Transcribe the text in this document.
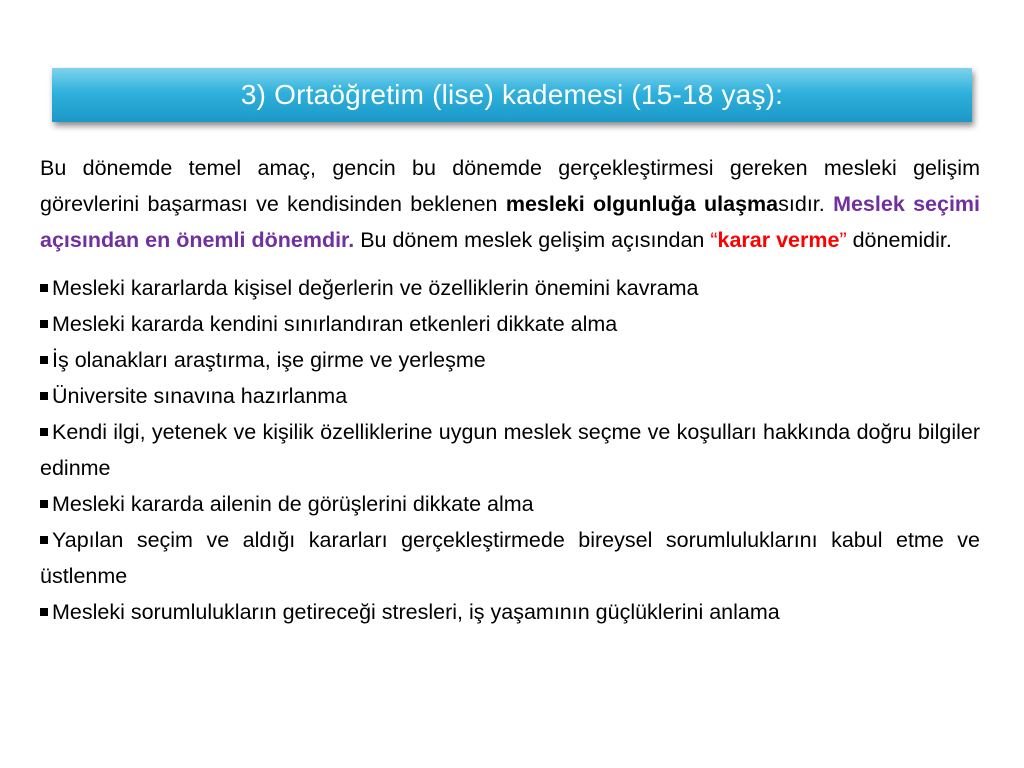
3) Ortaöğretim (lise) kademesi (15-18 yaş):

Bu dönemde temel amaç, gencin bu dönemde gerçekleştirmesi gereken mesleki gelişim görevlerini başarması ve kendisinden beklenen mesleki olgunluğa ulaşmasıdır. Meslek seçimi açısından en önemli dönemdir. Bu dönem meslek gelişim açısından “karar verme” dönemidir.

Mesleki kararlarda kişisel değerlerin ve özelliklerin önemini kavrama
Mesleki kararda kendini sınırlandıran etkenleri dikkate alma
İş olanakları araştırma, işe girme ve yerleşme
Üniversite sınavına hazırlanma
Kendi ilgi, yetenek ve kişilik özelliklerine uygun meslek seçme ve koşulları hakkında doğru bilgiler edinme
Mesleki kararda ailenin de görüşlerini dikkate alma
Yapılan seçim ve aldığı kararları gerçekleştirmede bireysel sorumluluklarını kabul etme ve üstlenme
Mesleki sorumlulukların getireceği stresleri, iş yaşamının güçlüklerini anlama
